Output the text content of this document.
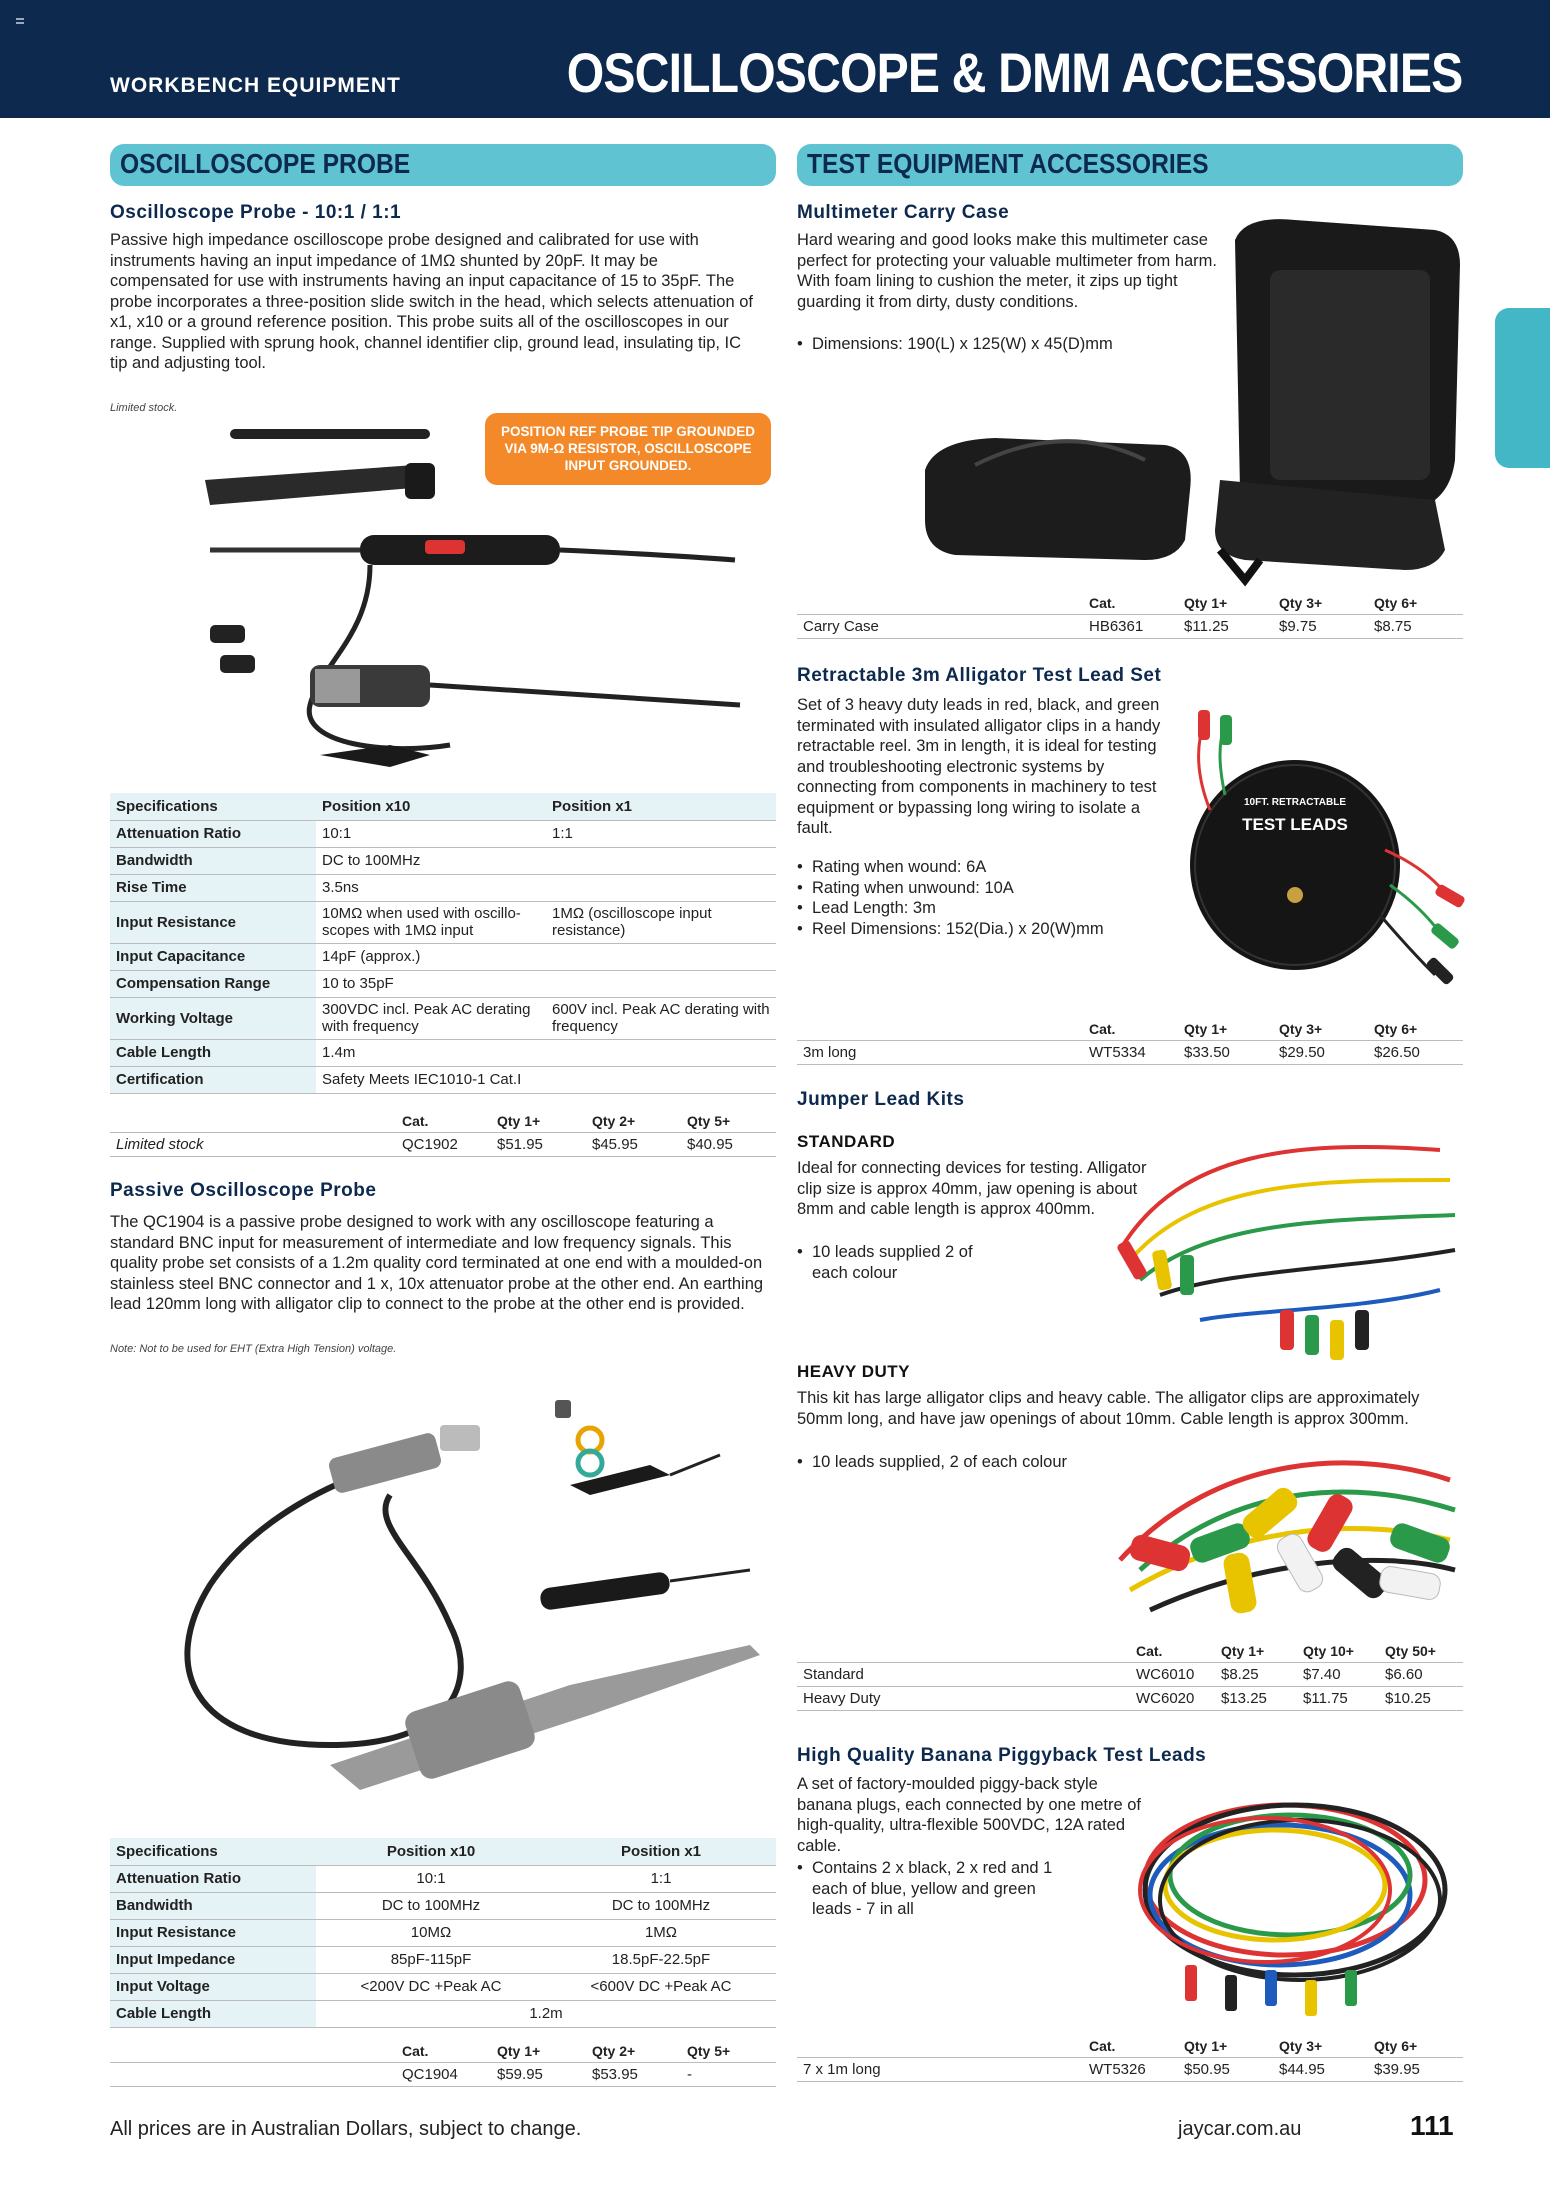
WORKBENCH EQUIPMENT	OSCILLOSCOPE & DMM ACCESSORIES
OSCILLOSCOPE PROBE
Oscilloscope Probe - 10:1 / 1:1
Passive high impedance oscilloscope probe designed and calibrated for use with instruments having an input impedance of 1MΩ shunted by 20pF. It may be compensated for use with instruments having an input capacitance of 15 to 35pF. The probe incorporates a three-position slide switch in the head, which selects attenuation of x1, x10 or a ground reference position. This probe suits all of the oscilloscopes in our range. Supplied with sprung hook, channel identifier clip, ground lead, insulating tip, IC tip and adjusting tool.
Limited stock.
POSITION REF PROBE TIP GROUNDED VIA 9M-Ω RESISTOR, OSCILLOSCOPE INPUT GROUNDED.
Specifications	Position x10	Position x1
Attenuation Ratio	10:1	1:1
Bandwidth	DC to 100MHz	
Rise Time	3.5ns	
Input Resistance	10MΩ when used with oscillo-scopes with 1MΩ input	1MΩ (oscilloscope input resistance)
Input Capacitance	14pF (approx.)	
Compensation Range	10 to 35pF	
Working Voltage	300VDC incl. Peak AC derating with frequency	600V incl. Peak AC derating with frequency
Cable Length	1.4m	
Certification	Safety Meets IEC1010-1 Cat.I	
	Cat.	Qty 1+	Qty 2+	Qty 5+
Limited stock	QC1902	$51.95	$45.95	$40.95
Passive Oscilloscope Probe
The QC1904 is a passive probe designed to work with any oscilloscope featuring a standard BNC input for measurement of intermediate and low frequency signals. This quality probe set consists of a 1.2m quality cord terminated at one end with a moulded-on stainless steel BNC connector and 1 x, 10x attenuator probe at the other end. An earthing lead 120mm long with alligator clip to connect to the probe at the other end is provided.
Note: Not to be used for EHT (Extra High Tension) voltage.
Specifications	Position x10	Position x1
Attenuation Ratio	10:1	1:1
Bandwidth	DC to 100MHz	DC to 100MHz
Input Resistance	10MΩ	1MΩ
Input Impedance	85pF-115pF	18.5pF-22.5pF
Input Voltage	<200V DC +Peak AC	<600V DC +Peak AC
Cable Length	1.2m	
	Cat.	Qty 1+	Qty 2+	Qty 5+
	QC1904	$59.95	$53.95	-
TEST EQUIPMENT ACCESSORIES
Multimeter Carry Case
Hard wearing and good looks make this multimeter case perfect for protecting your valuable multimeter from harm. With foam lining to cushion the meter, it zips up tight guarding it from dirty, dusty conditions.
• Dimensions: 190(L) x 125(W) x 45(D)mm
	Cat.	Qty 1+	Qty 3+	Qty 6+
Carry Case	HB6361	$11.25	$9.75	$8.75
Retractable 3m Alligator Test Lead Set
Set of 3 heavy duty leads in red, black, and green terminated with insulated alligator clips in a handy retractable reel. 3m in length, it is ideal for testing and troubleshooting electronic systems by connecting from components in machinery to test equipment or bypassing long wiring to isolate a fault.
• Rating when wound: 6A
• Rating when unwound: 10A
• Lead Length: 3m
• Reel Dimensions: 152(Dia.) x 20(W)mm
10FT. RETRACTABLE
TEST LEADS
	Cat.	Qty 1+	Qty 3+	Qty 6+
3m long	WT5334	$33.50	$29.50	$26.50
Jumper Lead Kits
STANDARD
Ideal for connecting devices for testing. Alligator clip size is approx 40mm, jaw opening is about 8mm and cable length is approx 400mm.
• 10 leads supplied 2 of each colour
HEAVY DUTY
This kit has large alligator clips and heavy cable. The alligator clips are approximately 50mm long, and have jaw openings of about 10mm. Cable length is approx 300mm.
• 10 leads supplied, 2 of each colour
	Cat.	Qty 1+	Qty 10+	Qty 50+
Standard	WC6010	$8.25	$7.40	$6.60
Heavy Duty	WC6020	$13.25	$11.75	$10.25
High Quality Banana Piggyback Test Leads
A set of factory-moulded piggy-back style banana plugs, each connected by one metre of high-quality, ultra-flexible 500VDC, 12A rated cable.
• Contains 2 x black, 2 x red and 1 each of blue, yellow and green leads - 7 in all
	Cat.	Qty 1+	Qty 3+	Qty 6+
7 x 1m long	WT5326	$50.95	$44.95	$39.95
All prices are in Australian Dollars, subject to change.	jaycar.com.au	111
